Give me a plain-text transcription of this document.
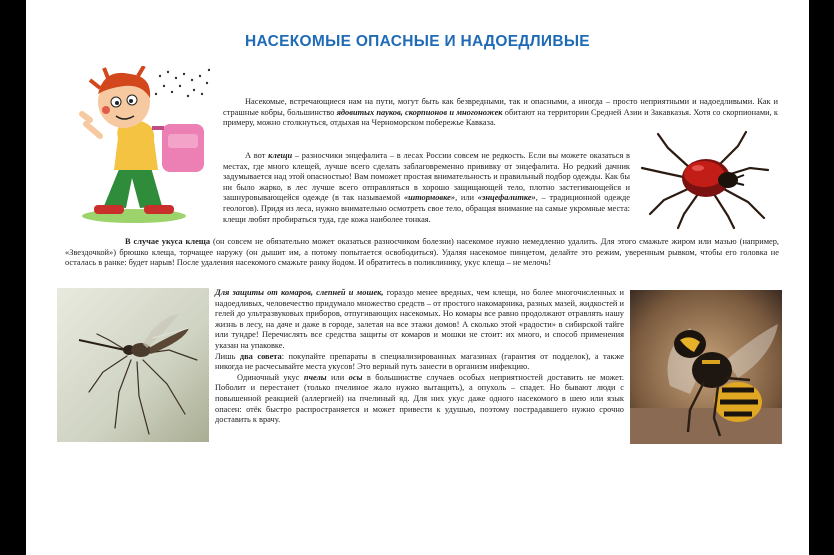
НАСЕКОМЫЕ ОПАСНЫЕ И НАДОЕДЛИВЫЕ

Насекомые, встречающиеся нам на пути, могут быть как безвредными, так и опасными, а иногда – просто неприятными и надоедливыми. Как и страшные кобры, большинство ядовитых пауков, скорпионов и многоножек обитают на территории Средней Азии и Закавказья. Хотя со скорпионами, к примеру, можно столкнуться, отдыхая на Черноморском побережье Кавказа.

А вот клещи – разносчики энцефалита – в лесах России совсем не редкость. Если вы можете оказаться в местах, где много клещей, лучше всего сделать заблаговременно прививку от энцефалита. Но редкий дачник задумывается над этой опасностью! Вам поможет простая внимательность и правильный подбор одежды. Как бы ни было жарко, в лес лучше всего отправляться в хорошо защищающей тело, плотно застегивающейся и зашнуровывающейся одежде (в так называемой «штормовке», или «энцефалитке», – традиционной одежде геологов). Придя из леса, нужно внимательно осмотреть свое тело, обращая внимание на самые укромные места: клещи любят пробираться туда, где кожа наиболее тонкая.

В случае укуса клеща (он совсем не обязательно может оказаться разносчиком болезни) насекомое нужно немедленно удалить. Для этого смажьте жиром или мазью (например, «Звездочкой») брюшко клеща, торчащее наружу (он дышит им, а потому попытается освободиться). Удаляя насекомое пинцетом, делайте это режим, уверенным рывком, чтобы его головка не осталась в ранке: будет нарыв! После удаления насекомого смажьте ранку йодом. И обратитесь в поликлинику, укус клеща – не мелочь!

Для защиты от комаров, слепней и мошек, гораздо менее вредных, чем клещи, но более многочисленных и надоедливых, человечество придумало множество средств – от простого накомарника, разных мазей, жидкостей и гелей до ультразвуковых приборов, отпугивающих насекомых. Но комары все равно продолжают отравлять нашу жизнь в лесу, на даче и даже в городе, залетая на все этажи домов! А сколько этой «радости» в сибирской тайге или тундре! Перечислять все средства защиты от комаров и мошки не стоит: их много, и способ применения указан на упаковке.
Лишь два совета: покупайте препараты в специализированных магазинах (гарантия от подделок), а также никогда не расчесывайте места укусов! Это верный путь занести в организм инфекцию.
Одиночный укус пчелы или осы в большинстве случаев особых неприятностей доставить не может. Поболит и перестанет (только пчелиное жало нужно вытащить), а опухоль – спадет. Но бывают люди с повышенной реакцией (аллергией) на пчелиный яд. Для них укус даже одного насекомого в шею или язык опасен: отёк быстро распространяется и может привести к удушью, поэтому пострадавшего нужно срочно доставить к врачу.
